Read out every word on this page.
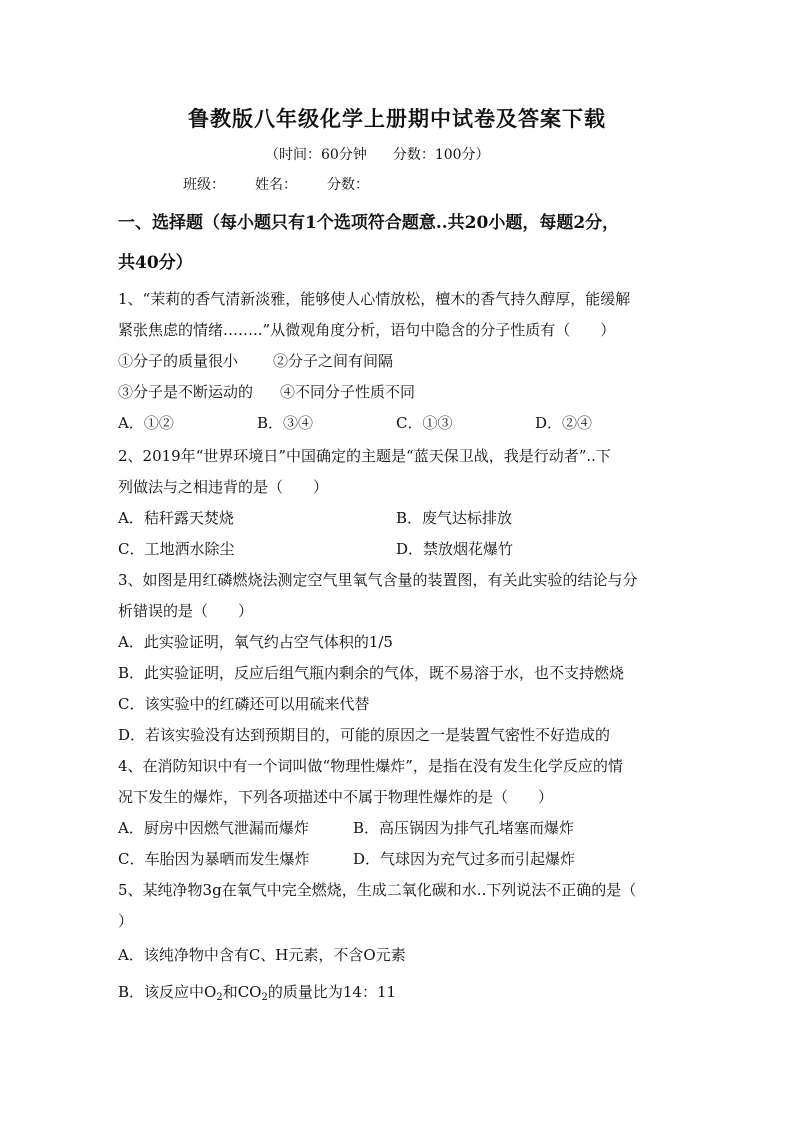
鲁教版八年级化学上册期中试卷及答案下载
（时间：60分钟 分数：100分）
班级： 姓名： 分数：
一、选择题（每小题只有1个选项符合题意..共20小题，每题2分，
共40分）
1、“茉莉的香气清新淡雅，能够使人心情放松，檀木的香气持久醇厚，能缓解
紧张焦虑的情绪……..”从微观角度分析，语句中隐含的分子性质有（　　）
①分子的质量很小 ②分子之间有间隔
③分子是不断运动的 ④不同分子性质不同
A．①②	B．③④	C．①③	D．②④
2、2019年“世界环境日”中国确定的主题是“蓝天保卫战，我是行动者”..下
列做法与之相违背的是（　　）
A．秸秆露天焚烧	B．废气达标排放
C．工地洒水除尘	D．禁放烟花爆竹
3、如图是用红磷燃烧法测定空气里氧气含量的装置图，有关此实验的结论与分
析错误的是（　　）
A．此实验证明，氧气约占空气体积的1/5
B．此实验证明，反应后组气瓶内剩余的气体，既不易溶于水，也不支持燃烧
C．该实验中的红磷还可以用硫来代替
D．若该实验没有达到预期目的，可能的原因之一是装置气密性不好造成的
4、在消防知识中有一个词叫做“物理性爆炸”，是指在没有发生化学反应的情
况下发生的爆炸，下列各项描述中不属于物理性爆炸的是（　　）
A．厨房中因燃气泄漏而爆炸	B．高压锅因为排气孔堵塞而爆炸
C．车胎因为暴晒而发生爆炸	D．气球因为充气过多而引起爆炸
5、某纯净物3g在氧气中完全燃烧，生成二氧化碳和水..下列说法不正确的是（
）
A．该纯净物中含有C、H元素，不含O元素
B．该反应中$O_2$和$CO_2$的质量比为14：11
